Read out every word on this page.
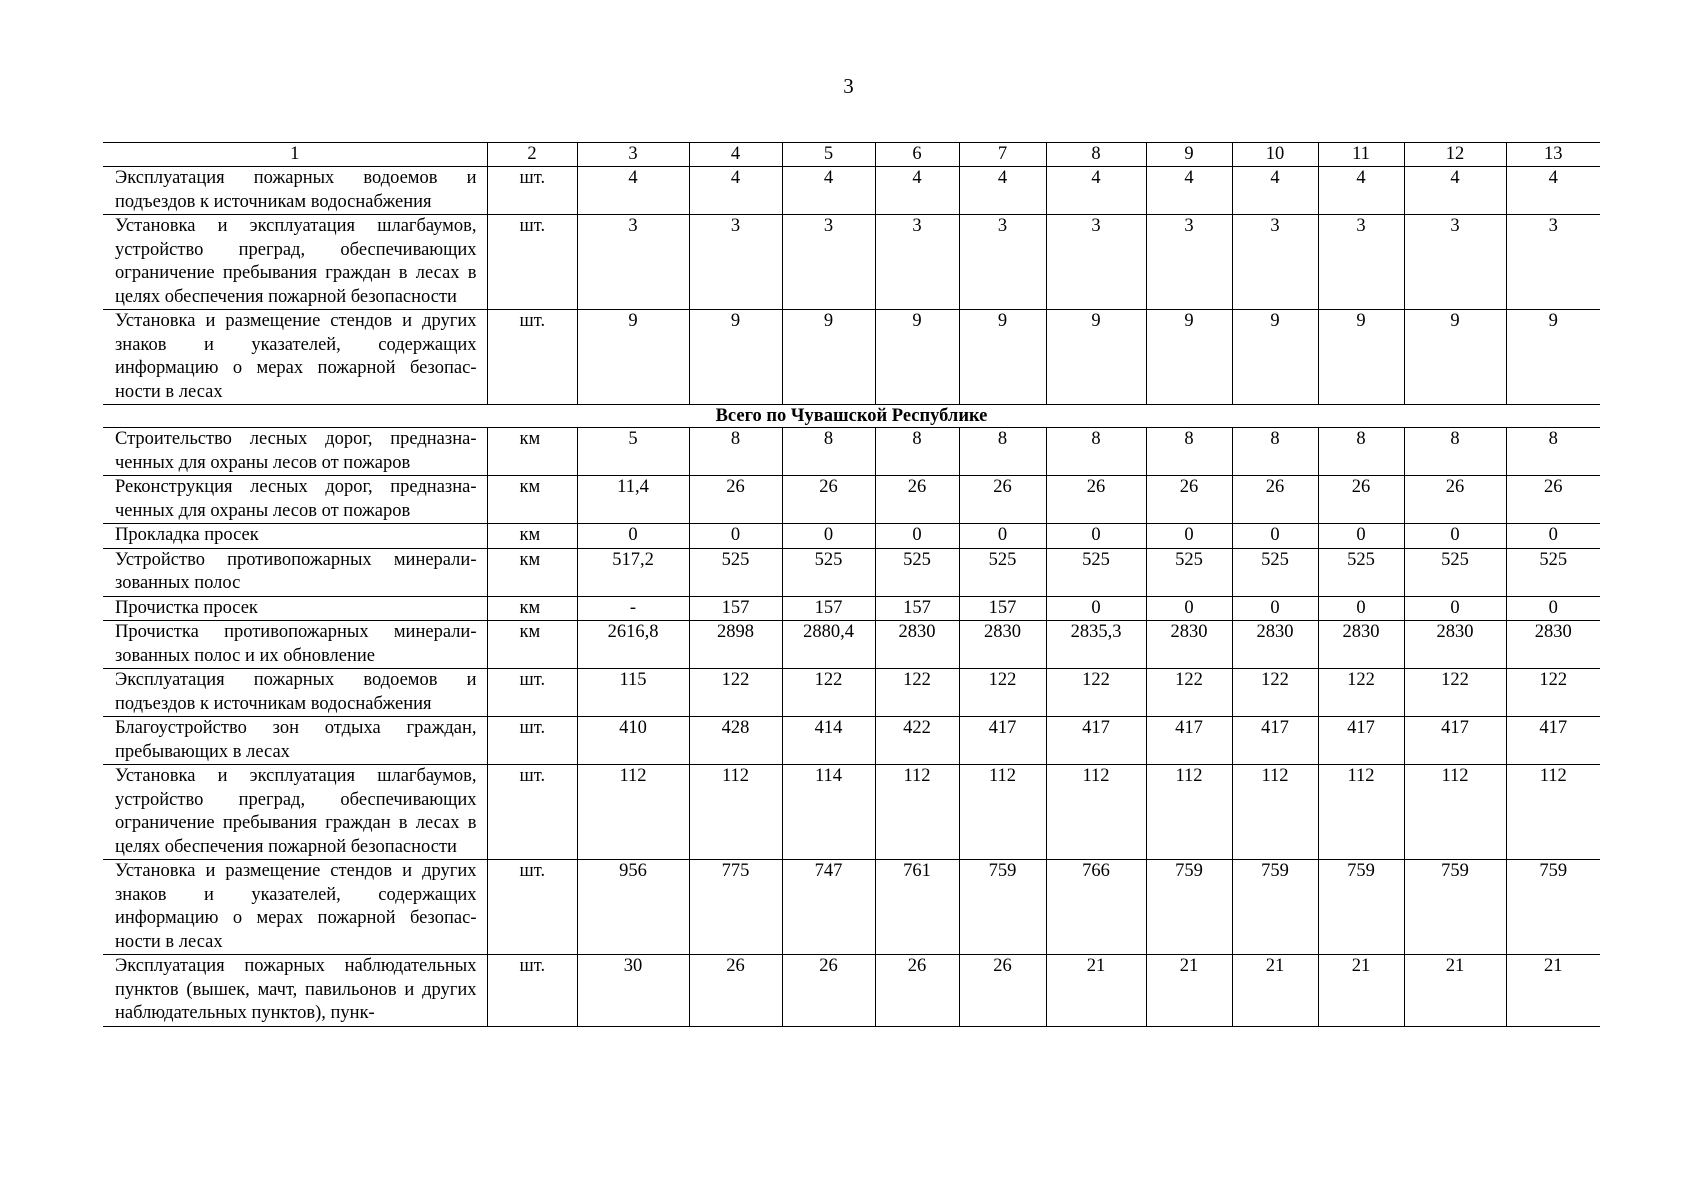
3
1	2	3	4	5	6	7	8	9	10	11	12	13
Эксплуатация пожарных водоемов и подъездов к источникам водоснабжения	шт.	4	4	4	4	4	4	4	4	4	4	4
Установка и эксплуатация шлагбаумов, устройство преград, обеспечивающих ограничение пребывания граждан в лесах в целях обеспечения пожарной безопасности	шт.	3	3	3	3	3	3	3	3	3	3	3
Установка и размещение стендов и других знаков и указателей, содержащих информацию о мерах пожарной безопасности в лесах	шт.	9	9	9	9	9	9	9	9	9	9	9
Всего по Чувашской Республике												
Строительство лесных дорог, предназначенных для охраны лесов от пожаров	км	5	8	8	8	8	8	8	8	8	8	8
Реконструкция лесных дорог, предназначенных для охраны лесов от пожаров	км	11,4	26	26	26	26	26	26	26	26	26	26
Прокладка просек	км	0	0	0	0	0	0	0	0	0	0	0
Устройство противопожарных минерализованных полос	км	517,2	525	525	525	525	525	525	525	525	525	525
Прочистка просек	км	-	157	157	157	157	0	0	0	0	0	0
Прочистка противопожарных минерализованных полос и их обновление	км	2616,8	2898	2880,4	2830	2830	2835,3	2830	2830	2830	2830	2830
Эксплуатация пожарных водоемов и подъездов к источникам водоснабжения	шт.	115	122	122	122	122	122	122	122	122	122	122
Благоустройство зон отдыха граждан, пребывающих в лесах	шт.	410	428	414	422	417	417	417	417	417	417	417
Установка и эксплуатация шлагбаумов, устройство преград, обеспечивающих ограничение пребывания граждан в лесах в целях обеспечения пожарной безопасности	шт.	112	112	114	112	112	112	112	112	112	112	112
Установка и размещение стендов и других знаков и указателей, содержащих информацию о мерах пожарной безопасности в лесах	шт.	956	775	747	761	759	766	759	759	759	759	759
Эксплуатация пожарных наблюдательных пунктов (вышек, мачт, павильонов и других наблюдательных пунктов), пунк-	шт.	30	26	26	26	26	21	21	21	21	21	21
